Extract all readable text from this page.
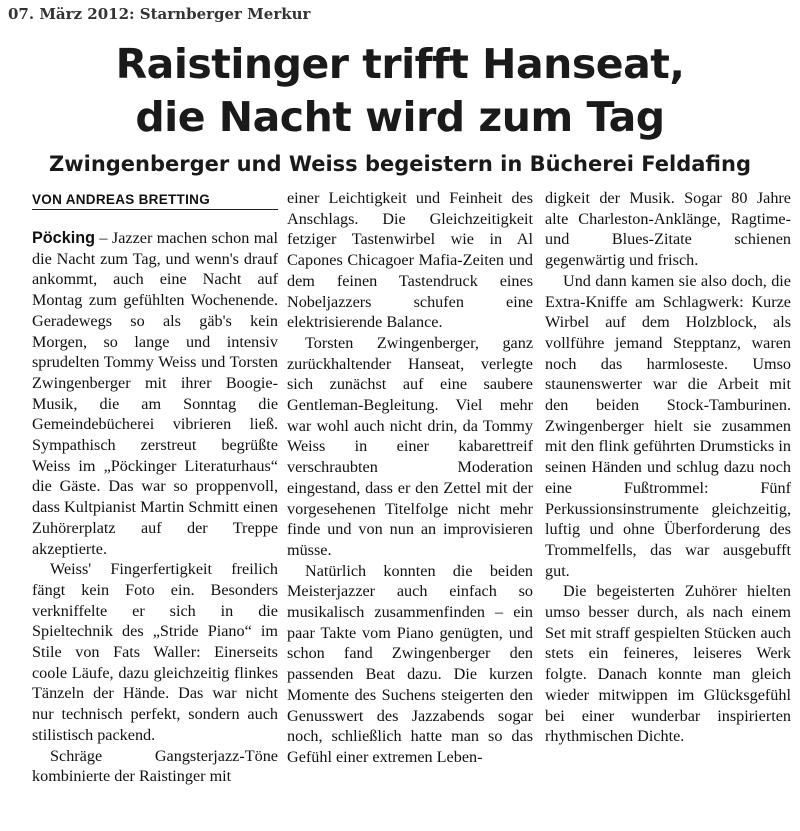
07. März 2012: Starnberger Merkur
Raistinger trifft Hanseat,
die Nacht wird zum Tag
Zwingenberger und Weiss begeistern in Bücherei Feldafing
VON ANDREAS BRETTING

Pöcking – Jazzer machen schon mal die Nacht zum Tag, und wenn's drauf ankommt, auch eine Nacht auf Montag zum gefühlten Wochenende. Geradewegs so als gäb's kein Morgen, so lange und intensiv sprudelten Tommy Weiss und Torsten Zwingenberger mit ihrer Boogie-Musik, die am Sonntag die Gemeindebücherei vibrieren ließ. Sympathisch zerstreut begrüßte Weiss im „Pöckinger Literaturhaus“ die Gäste. Das war so proppenvoll, dass Kultpianist Martin Schmitt einen Zuhörerplatz auf der Treppe akzeptierte.

Weiss' Fingerfertigkeit freilich fängt kein Foto ein. Besonders verkniffelte er sich in die Spieltechnik des „Stride Piano“ im Stile von Fats Waller: Einerseits coole Läufe, dazu gleichzeitig flinkes Tänzeln der Hände. Das war nicht nur technisch perfekt, sondern auch stilistisch packend.

Schräge Gangsterjazz-Töne kombinierte der Raistinger mit

einer Leichtigkeit und Feinheit des Anschlags. Die Gleichzeitigkeit fetziger Tastenwirbel wie in Al Capones Chicagoer Mafia-Zeiten und dem feinen Tastendruck eines Nobeljazzers schufen eine elektrisierende Balance.

Torsten Zwingenberger, ganz zurückhaltender Hanseat, verlegte sich zunächst auf eine saubere Gentleman-Begleitung. Viel mehr war wohl auch nicht drin, da Tommy Weiss in einer kabarettreif verschraubten Moderation eingestand, dass er den Zettel mit der vorgesehenen Titelfolge nicht mehr finde und von nun an improvisieren müsse.

Natürlich konnten die beiden Meisterjazzer auch einfach so musikalisch zusammenfinden – ein paar Takte vom Piano genügten, und schon fand Zwingenberger den passenden Beat dazu. Die kurzen Momente des Suchens steigerten den Genusswert des Jazzabends sogar noch, schließlich hatte man so das Gefühl einer extremen Leben-

digkeit der Musik. Sogar 80 Jahre alte Charleston-Anklänge, Ragtime- und Blues-Zitate schienen gegenwärtig und frisch.

Und dann kamen sie also doch, die Extra-Kniffe am Schlagwerk: Kurze Wirbel auf dem Holzblock, als vollführe jemand Stepptanz, waren noch das harmloseste. Umso staunenswerter war die Arbeit mit den beiden Stock-Tamburinen. Zwingenberger hielt sie zusammen mit den flink geführten Drumsticks in seinen Händen und schlug dazu noch eine Fußtrommel: Fünf Perkussionsinstrumente gleichzeitig, luftig und ohne Überforderung des Trommelfells, das war ausgebufft gut.

Die begeisterten Zuhörer hielten umso besser durch, als nach einem Set mit straff gespielten Stücken auch stets ein feineres, leiseres Werk folgte. Danach konnte man gleich wieder mitwippen im Glücksgefühl bei einer wunderbar inspirierten rhythmischen Dichte.
